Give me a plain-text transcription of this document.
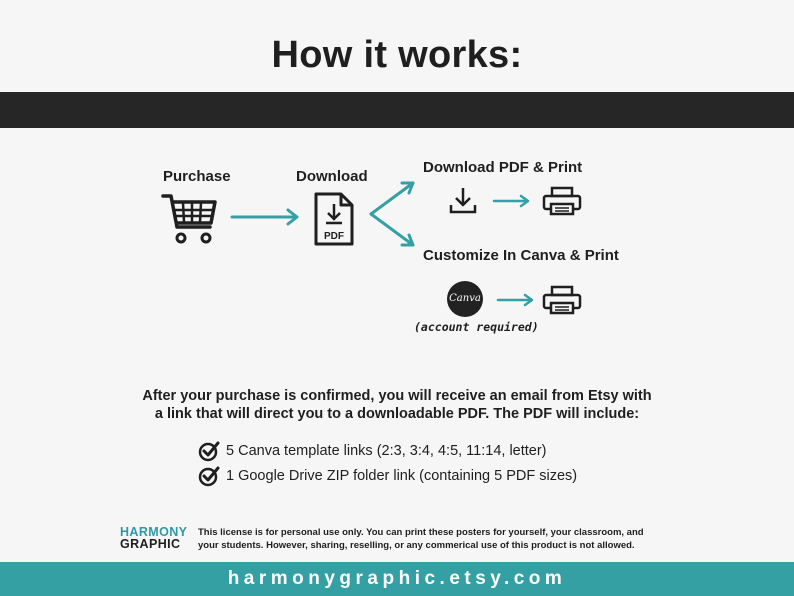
How it works:
Purchase	Download
Download PDF & Print
Customize In Canva & Print
PDF
Canva
(account required)
After your purchase is confirmed, you will receive an email from Etsy with
a link that will direct you to a downloadable PDF. The PDF will include:
5 Canva template links (2:3, 3:4, 4:5, 11:14, letter)
1 Google Drive ZIP folder link (containing 5 PDF sizes)
HARMONY
GRAPHIC
This license is for personal use only. You can print these posters for yourself, your classroom, and
your students. However, sharing, reselling, or any commerical use of this product is not allowed.
harmonygraphic.etsy.com
